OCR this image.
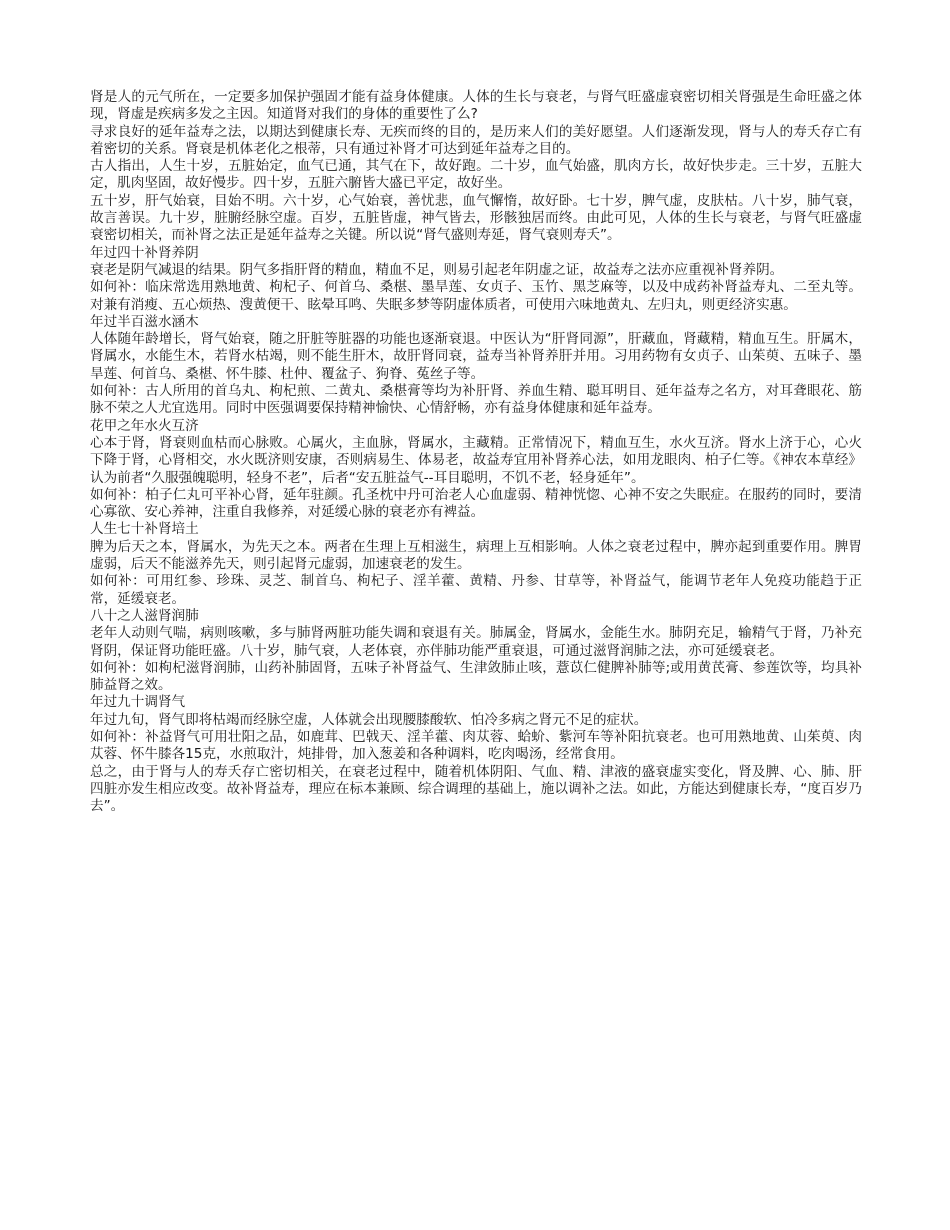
肾是人的元气所在，一定要多加保护强固才能有益身体健康。人体的生长与衰老，与肾气旺盛虚衰密切相关肾强是生命旺盛之体现，肾虚是疾病多发之主因。知道肾对我们的身体的重要性了么?

寻求良好的延年益寿之法，以期达到健康长寿、无疾而终的目的，是历来人们的美好愿望。人们逐渐发现，肾与人的寿夭存亡有着密切的关系。肾衰是机体老化之根蒂，只有通过补肾才可达到延年益寿之目的。

古人指出，人生十岁，五脏始定，血气已通，其气在下，故好跑。二十岁，血气始盛，肌肉方长，故好快步走。三十岁，五脏大定，肌肉坚固，故好慢步。四十岁，五脏六腑皆大盛已平定，故好坐。

五十岁，肝气始衰，目始不明。六十岁，心气始衰，善忧悲，血气懈惰，故好卧。七十岁，脾气虚，皮肤枯。八十岁，肺气衰，故言善误。九十岁，脏腑经脉空虚。百岁，五脏皆虚，神气皆去，形骸独居而终。由此可见，人体的生长与衰老，与肾气旺盛虚衰密切相关，而补肾之法正是延年益寿之关键。所以说“肾气盛则寿延，肾气衰则寿夭”。

年过四十补肾养阴

衰老是阴气减退的结果。阴气多指肝肾的精血，精血不足，则易引起老年阴虚之证，故益寿之法亦应重视补肾养阴。

如何补：临床常选用熟地黄、枸杞子、何首乌、桑椹、墨旱莲、女贞子、玉竹、黑芝麻等，以及中成药补肾益寿丸、二至丸等。对兼有消瘦、五心烦热、溲黄便干、眩晕耳鸣、失眠多梦等阴虚体质者，可使用六味地黄丸、左归丸，则更经济实惠。

年过半百滋水涵木

人体随年龄增长，肾气始衰，随之肝脏等脏器的功能也逐渐衰退。中医认为“肝肾同源”，肝藏血，肾藏精，精血互生。肝属木，肾属水，水能生木，若肾水枯竭，则不能生肝木，故肝肾同衰，益寿当补肾养肝并用。习用药物有女贞子、山茱萸、五味子、墨旱莲、何首乌、桑椹、怀牛膝、杜仲、覆盆子、狗脊、菟丝子等。

如何补：古人所用的首乌丸、枸杞煎、二黄丸、桑椹膏等均为补肝肾、养血生精、聪耳明目、延年益寿之名方，对耳聋眼花、筋脉不荣之人尤宜选用。同时中医强调要保持精神愉快、心情舒畅，亦有益身体健康和延年益寿。

花甲之年水火互济

心本于肾，肾衰则血枯而心脉败。心属火，主血脉，肾属水，主藏精。正常情况下，精血互生，水火互济。肾水上济于心，心火下降于肾，心肾相交，水火既济则安康，否则病易生、体易老，故益寿宜用补肾养心法，如用龙眼肉、柏子仁等。《神农本草经》认为前者“久服强魄聪明，轻身不老”，后者“安五脏益气--耳目聪明，不饥不老，轻身延年”。

如何补：柏子仁丸可平补心肾，延年驻颜。孔圣枕中丹可治老人心血虚弱、精神恍惚、心神不安之失眠症。在服药的同时，要清心寡欲、安心养神，注重自我修养，对延缓心脉的衰老亦有裨益。

人生七十补肾培土

脾为后天之本，肾属水，为先天之本。两者在生理上互相滋生，病理上互相影响。人体之衰老过程中，脾亦起到重要作用。脾胃虚弱，后天不能滋养先天，则引起肾元虚弱，加速衰老的发生。

如何补：可用红参、珍珠、灵芝、制首乌、枸杞子、淫羊藿、黄精、丹参、甘草等，补肾益气，能调节老年人免疫功能趋于正常，延缓衰老。

八十之人滋肾润肺

老年人动则气喘，病则咳嗽，多与肺肾两脏功能失调和衰退有关。肺属金，肾属水，金能生水。肺阴充足，输精气于肾，乃补充肾阴，保证肾功能旺盛。八十岁，肺气衰，人老体衰，亦伴肺功能严重衰退，可通过滋肾润肺之法，亦可延缓衰老。

如何补：如枸杞滋肾润肺，山药补肺固肾，五味子补肾益气、生津敛肺止咳，薏苡仁健脾补肺等;或用黄芪膏、参莲饮等，均具补肺益肾之效。

年过九十调肾气

年过九旬，肾气即将枯竭而经脉空虚，人体就会出现腰膝酸软、怕冷多病之肾元不足的症状。

如何补：补益肾气可用壮阳之品，如鹿茸、巴戟天、淫羊藿、肉苁蓉、蛤蚧、紫河车等补阳抗衰老。也可用熟地黄、山茱萸、肉苁蓉、怀牛膝各15克，水煎取汁，炖排骨，加入葱姜和各种调料，吃肉喝汤，经常食用。

总之，由于肾与人的寿夭存亡密切相关，在衰老过程中，随着机体阴阳、气血、精、津液的盛衰虚实变化，肾及脾、心、肺、肝四脏亦发生相应改变。故补肾益寿，理应在标本兼顾、综合调理的基础上，施以调补之法。如此，方能达到健康长寿，“度百岁乃去”。
